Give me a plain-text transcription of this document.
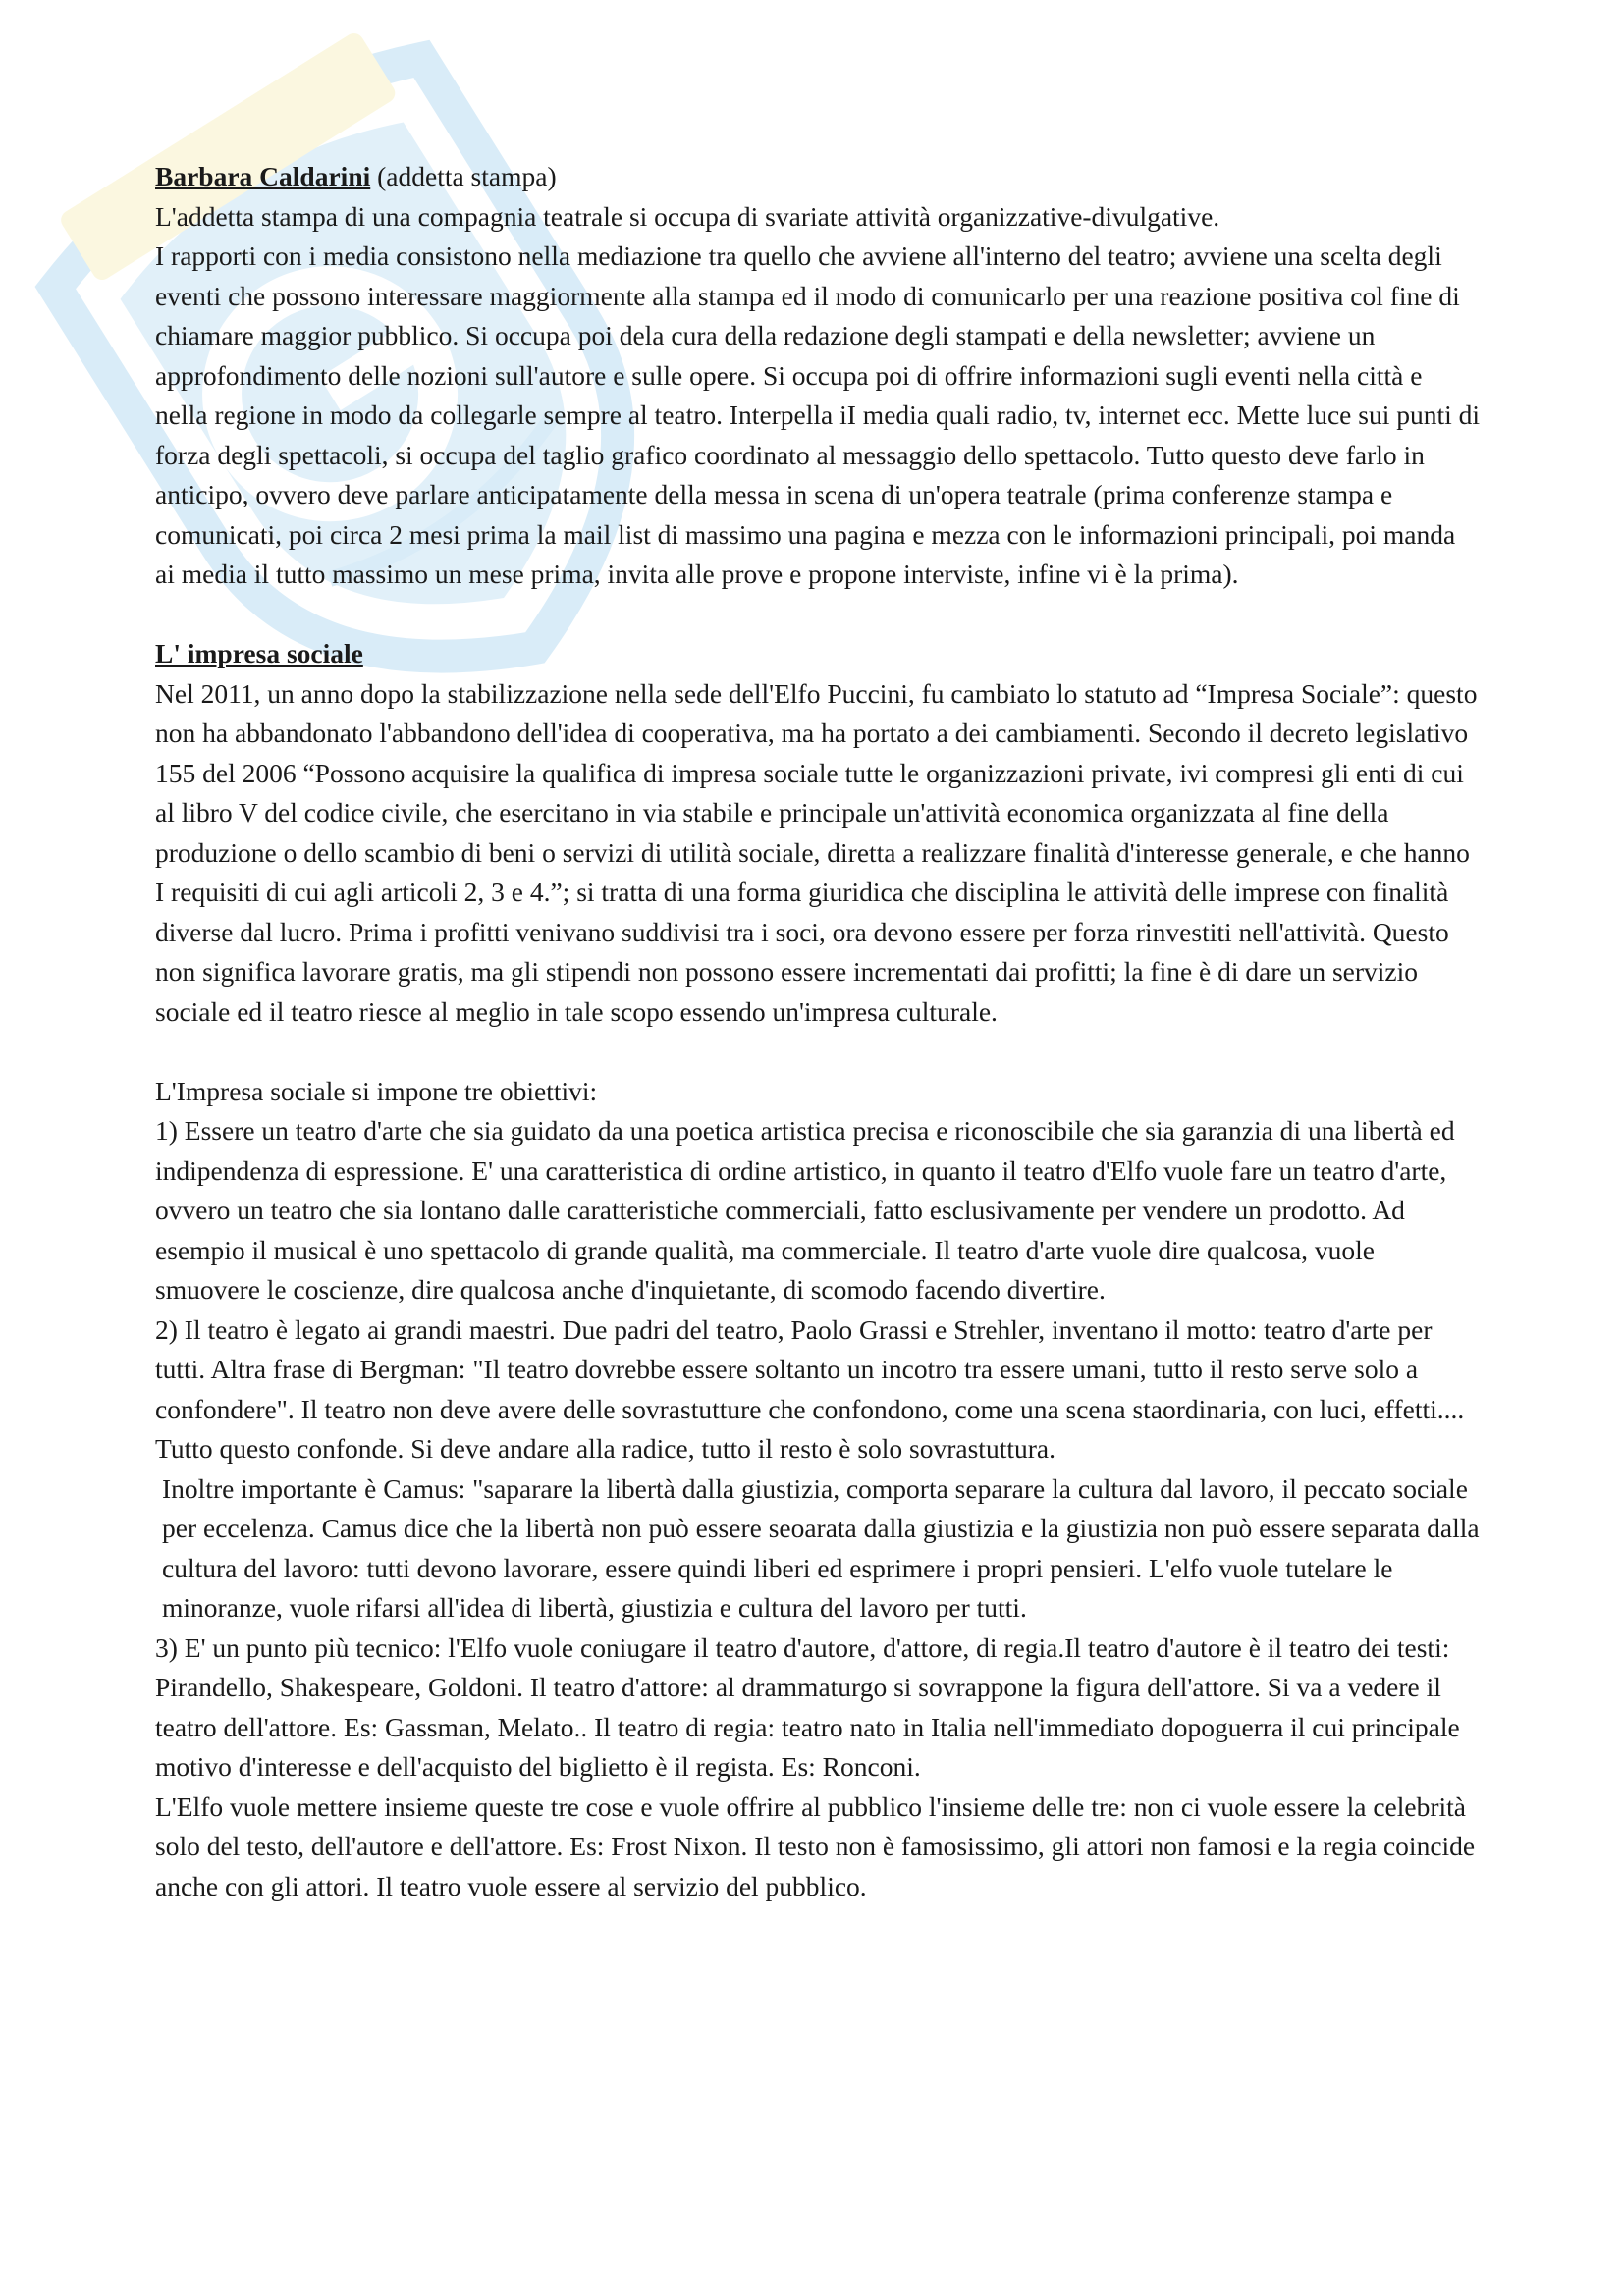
Barbara Caldarini (addetta stampa)

L'addetta stampa di una compagnia teatrale si occupa di svariate attività organizzative-divulgative.

I rapporti con i media consistono nella mediazione tra quello che avviene all'interno del teatro; avviene una scelta degli eventi che possono interessare maggiormente alla stampa ed il modo di comunicarlo per una reazione positiva col fine di chiamare maggior pubblico. Si occupa poi dela cura della redazione degli stampati e della newsletter; avviene un approfondimento delle nozioni sull'autore e sulle opere. Si occupa poi di offrire informazioni sugli eventi nella città e nella regione in modo da collegarle sempre al teatro. Interpella iI media quali radio, tv, internet ecc. Mette luce sui punti di forza degli spettacoli, si occupa del taglio grafico coordinato al messaggio dello spettacolo. Tutto questo deve farlo in anticipo, ovvero deve parlare anticipatamente della messa in scena di un'opera teatrale (prima conferenze stampa e comunicati, poi circa 2 mesi prima la mail list di massimo una pagina e mezza con le informazioni principali, poi manda ai media il tutto massimo un mese prima, invita alle prove e propone interviste, infine vi è la prima).

L' impresa sociale

Nel 2011, un anno dopo la stabilizzazione nella sede dell'Elfo Puccini, fu cambiato lo statuto ad “Impresa Sociale”: questo non ha abbandonato l'abbandono dell'idea di cooperativa, ma ha portato a dei cambiamenti. Secondo il decreto legislativo 155 del 2006 “Possono acquisire la qualifica di impresa sociale tutte le organizzazioni private, ivi compresi gli enti di cui al libro V del codice civile, che esercitano in via stabile e principale un'attività economica organizzata al fine della produzione o dello scambio di beni o servizi di utilità sociale, diretta a realizzare finalità d'interesse generale, e che hanno I requisiti di cui agli articoli 2, 3 e 4.”; si tratta di una forma giuridica che disciplina le attività delle imprese con finalità diverse dal lucro. Prima i profitti venivano suddivisi tra i soci, ora devono essere per forza rinvestiti nell'attività. Questo non significa lavorare gratis, ma gli stipendi non possono essere incrementati dai profitti; la fine è di dare un servizio sociale ed il teatro riesce al meglio in tale scopo essendo un'impresa culturale.

L'Impresa sociale si impone tre obiettivi:

1) Essere un teatro d'arte che sia guidato da una poetica artistica precisa e riconoscibile che sia garanzia di una libertà ed indipendenza di espressione. E' una caratteristica di ordine artistico, in quanto il teatro d'Elfo vuole fare un teatro d'arte, ovvero un teatro che sia lontano dalle caratteristiche commerciali, fatto esclusivamente per vendere un prodotto. Ad esempio il musical è uno spettacolo di grande qualità, ma commerciale. Il teatro d'arte vuole dire qualcosa, vuole smuovere le coscienze, dire qualcosa anche d'inquietante, di scomodo facendo divertire.

2) Il teatro è legato ai grandi maestri. Due padri del teatro, Paolo Grassi e Strehler, inventano il motto: teatro d'arte per tutti. Altra frase di Bergman: "Il teatro dovrebbe essere soltanto un incotro tra essere umani, tutto il resto serve solo a confondere". Il teatro non deve avere delle sovrastutture che confondono, come una scena staordinaria, con luci, effetti.... Tutto questo confonde. Si deve andare alla radice, tutto il resto è solo sovrastuttura.

Inoltre importante è Camus: "saparare la libertà dalla giustizia, comporta separare la cultura dal lavoro, il peccato sociale per eccelenza. Camus dice che la libertà non può essere seoarata dalla giustizia e la giustizia non può essere separata dalla cultura del lavoro: tutti devono lavorare, essere quindi liberi ed esprimere i propri pensieri. L'elfo vuole tutelare le minoranze, vuole rifarsi all'idea di libertà, giustizia e cultura del lavoro per tutti.

3) E' un punto più tecnico: l'Elfo vuole coniugare il teatro d'autore, d'attore, di regia.Il teatro d'autore è il teatro dei testi: Pirandello, Shakespeare, Goldoni. Il teatro d'attore: al drammaturgo si sovrappone la figura dell'attore. Si va a vedere il teatro dell'attore. Es: Gassman, Melato.. Il teatro di regia: teatro nato in Italia nell'immediato dopoguerra il cui principale motivo d'interesse e dell'acquisto del biglietto è il regista. Es: Ronconi.

L'Elfo vuole mettere insieme queste tre cose e vuole offrire al pubblico l'insieme delle tre: non ci vuole essere la celebrità solo del testo, dell'autore e dell'attore. Es: Frost Nixon. Il testo non è famosissimo, gli attori non famosi e la regia coincide anche con gli attori. Il teatro vuole essere al servizio del pubblico.
